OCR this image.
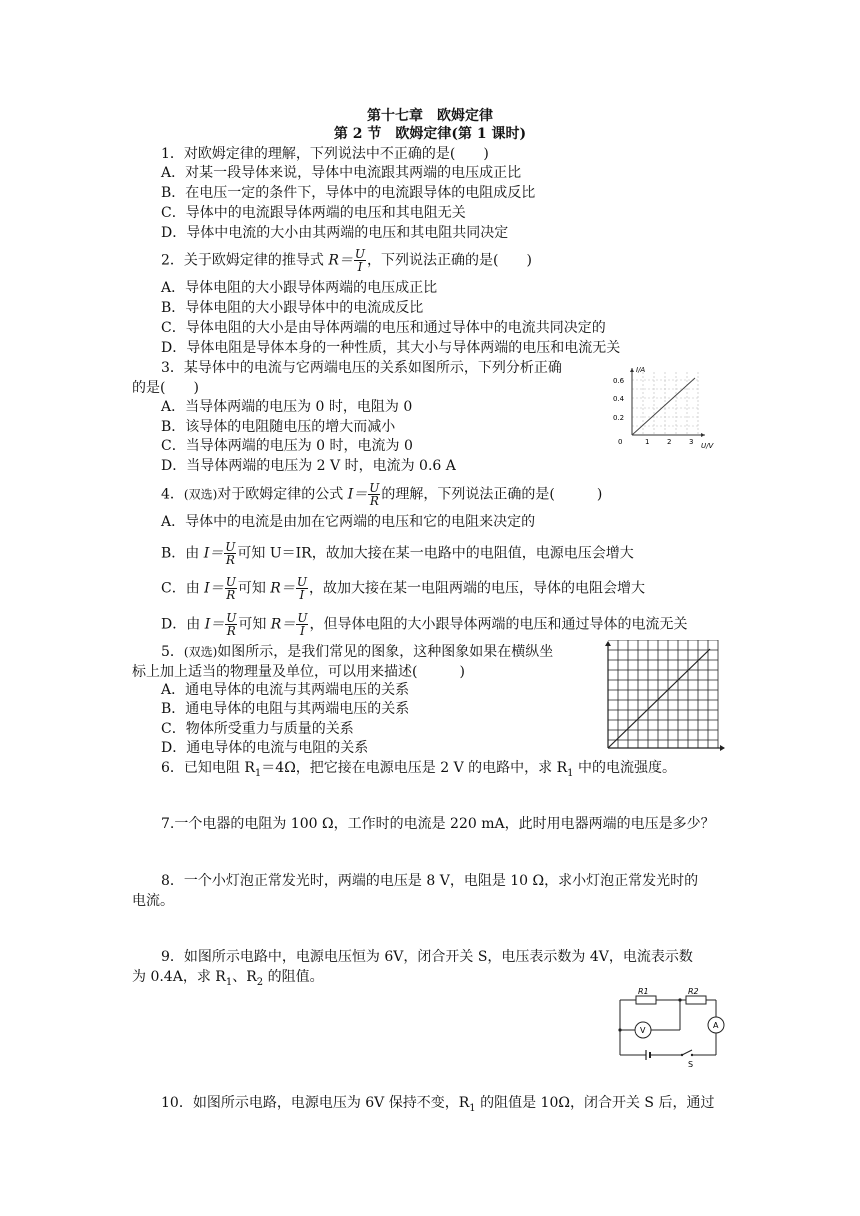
第十七章　欧姆定律
第 2 节　欧姆定律(第 1 课时)
1．对欧姆定律的理解，下列说法中不正确的是(　　)
A．对某一段导体来说，导体中电流跟其两端的电压成正比
B．在电压一定的条件下，导体中的电流跟导体的电阻成反比
C．导体中的电流跟导体两端的电压和其电阻无关
D．导体中电流的大小由其两端的电压和其电阻共同决定
2．关于欧姆定律的推导式 $R= \frac{U}{I}$ ，下列说法正确的是(　　)
A．导体电阻的大小跟导体两端的电压成正比
B．导体电阻的大小跟导体中的电流成反比
C．导体电阻的大小是由导体两端的电压和通过导体中的电流共同决定的
D．导体电阻是导体本身的一种性质，其大小与导体两端的电压和电流无关
3．某导体中的电流与它两端电压的关系如图所示，下列分析正确
的是(　　)
A．当导体两端的电压为 0 时，电阻为 0
B．该导体的电阻随电压的增大而减小
C．当导体两端的电压为 0 时，电流为 0
D．当导体两端的电压为 2 V 时，电流为 0.6 A
I/A
U/V
0.6
0.4
0.2
0	1	2	3
4．(双选)对于欧姆定律的公式 $I= \frac{U}{R}$ 的理解，下列说法正确的是(　　　)
A．导体中的电流是由加在它两端的电压和它的电阻来决定的
B．由 $I= \frac{U}{R}$ 可知 U＝IR，故加大接在某一电路中的电阻值，电源电压会增大
C．由 $I= \frac{U}{R}$ 可知 $R= \frac{U}{I}$ ，故加大接在某一电阻两端的电压，导体的电阻会增大
D．由 $I= \frac{U}{R}$ 可知 $R= \frac{U}{I}$ ，但导体电阻的大小跟导体两端的电压和通过导体的电流无关
5．(双选)如图所示，是我们常见的图象，这种图象如果在横纵坐
标上加上适当的物理量及单位，可以用来描述(　　　)
A．通电导体的电流与其两端电压的关系
B．通电导体的电阻与其两端电压的关系
C．物体所受重力与质量的关系
D．通电导体的电流与电阻的关系
6．已知电阻 $R_1=4\Omega$，把它接在电源电压是 2 V 的电路中，求 $R_1$ 中的电流强度。
7.一个电器的电阻为 100 Ω，工作时的电流是 220 mA，此时用电器两端的电压是多少？
8．一个小灯泡正常发光时，两端的电压是 8 V，电阻是 10 Ω，求小灯泡正常发光时的
电流。
9．如图所示电路中，电源电压恒为 6V，闭合开关 S，电压表示数为 4V，电流表示数
为 0.4A，求 $R_1$、$R_2$ 的阻值。
R1	R2
V
A
S
10．如图所示电路，电源电压为 6V 保持不变，$R_1$ 的阻值是 10Ω，闭合开关 S 后，通过
